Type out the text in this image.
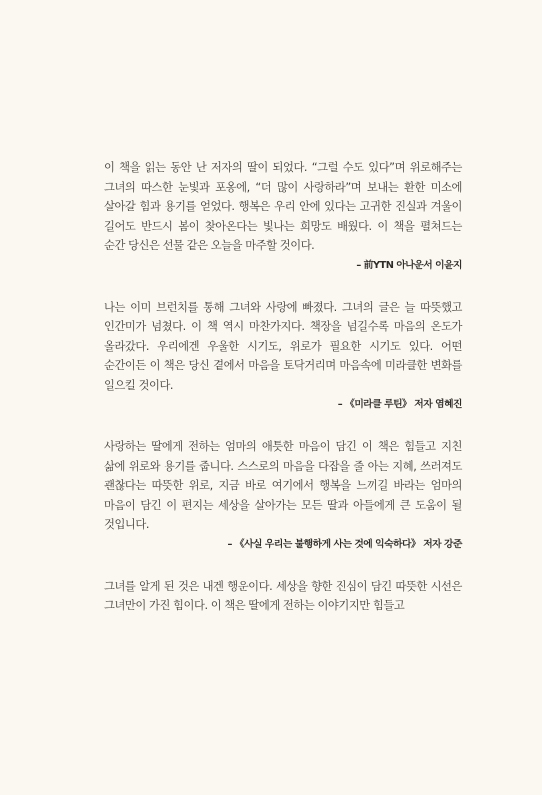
이 책을 읽는 동안 난 저자의 딸이 되었다. “그럴 수도 있다”며 위로해주는 그녀의 따스한 눈빛과 포옹에, “더 많이 사랑하라”며 보내는 환한 미소에 살아갈 힘과 용기를 얻었다. 행복은 우리 안에 있다는 고귀한 진실과 겨울이 길어도 반드시 봄이 찾아온다는 빛나는 희망도 배웠다. 이 책을 펼쳐드는 순간 당신은 선물 같은 오늘을 마주할 것이다.

– 前YTN 아나운서 이윤지

나는 이미 브런치를 통해 그녀와 사랑에 빠졌다. 그녀의 글은 늘 따뜻했고 인간미가 넘쳤다. 이 책 역시 마찬가지다. 책장을 넘길수록 마음의 온도가 올라갔다. 우리에겐 우울한 시기도, 위로가 필요한 시기도 있다. 어떤 순간이든 이 책은 당신 곁에서 마음을 토닥거리며 마음속에 미라클한 변화를 일으킬 것이다.

– 《미라클 루틴》 저자 염혜진

사랑하는 딸에게 전하는 엄마의 애틋한 마음이 담긴 이 책은 힘들고 지친 삶에 위로와 용기를 줍니다. 스스로의 마음을 다잡을 줄 아는 지혜, 쓰러져도 괜찮다는 따뜻한 위로, 지금 바로 여기에서 행복을 느끼길 바라는 엄마의 마음이 담긴 이 편지는 세상을 살아가는 모든 딸과 아들에게 큰 도움이 될 것입니다.

– 《사실 우리는 불행하게 사는 것에 익숙하다》 저자 강준

그녀를 알게 된 것은 내겐 행운이다. 세상을 향한 진심이 담긴 따뜻한 시선은 그녀만이 가진 힘이다. 이 책은 딸에게 전하는 이야기지만 힘들고
